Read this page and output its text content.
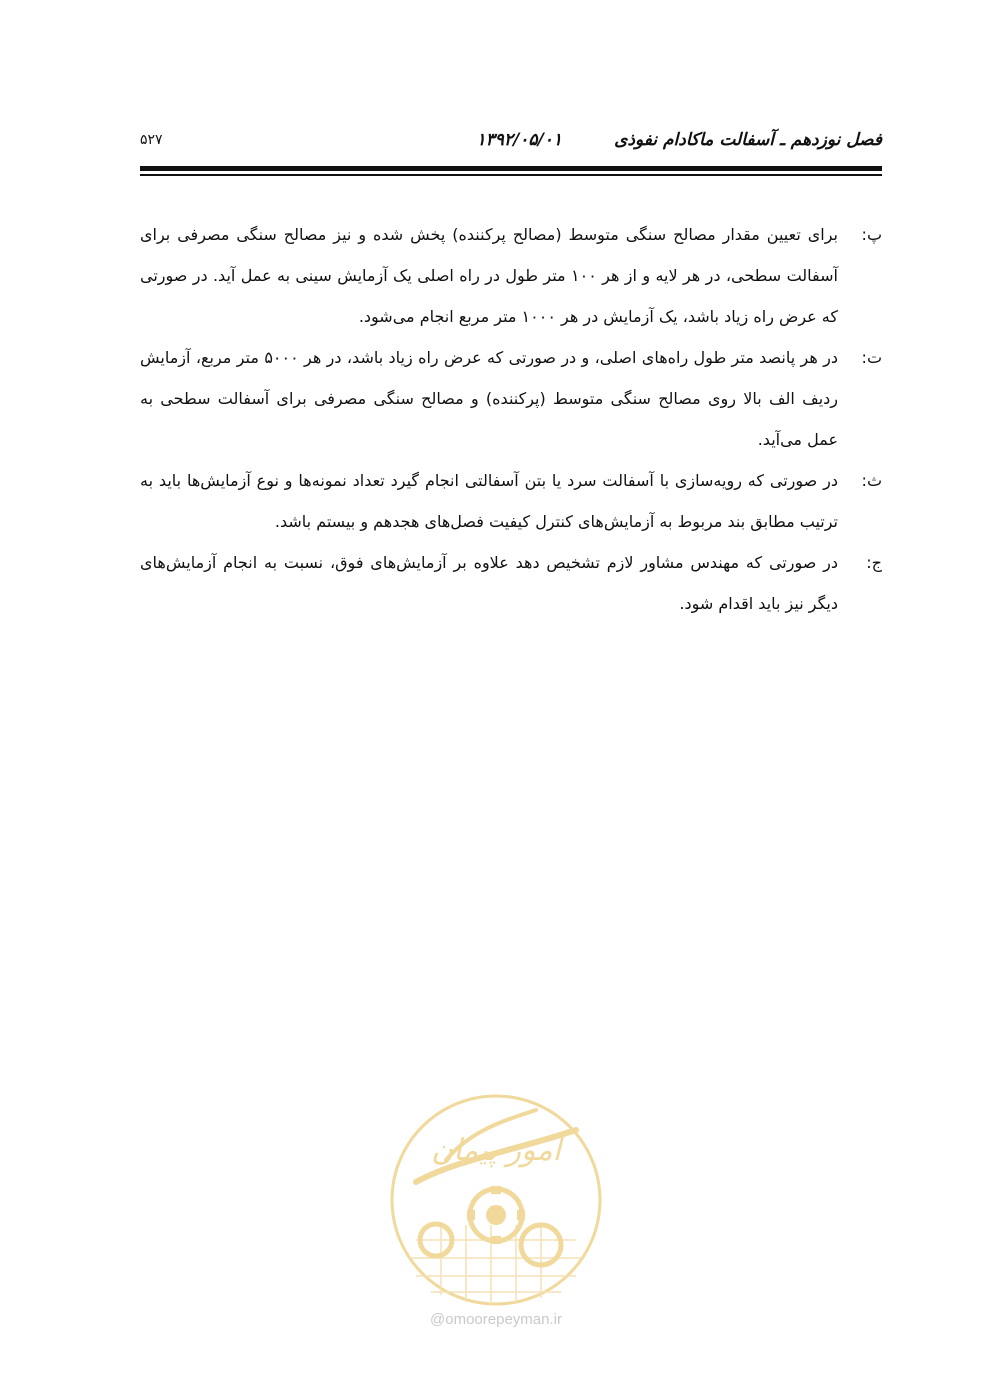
فصل نوزدهم ـ آسفالت ماکادام نفوذی
۱۳۹۲/۰۵/۰۱
۵۲۷
پ:
برای تعیین مقدار مصالح سنگی متوسط (مصالح پرکننده) پخش شده و نیز مصالح سنگی مصرفی برای آسفالت سطحی، در هر لایه و از هر ۱۰۰ متر طول در راه اصلی یک آزمایش سینی به عمل آید. در صورتی که عرض راه زیاد باشد، یک آزمایش در هر ۱۰۰۰ متر مربع انجام می‌شود.
ت:
در هر پانصد متر طول راه‌های اصلی، و در صورتی که عرض راه زیاد باشد، در هر ۵۰۰۰ متر مربع، آزمایش ردیف الف بالا روی مصالح سنگی متوسط (پرکننده) و مصالح سنگی مصرفی برای آسفالت سطحی به عمل می‌آید.
ث:
در صورتی که رویه‌سازی با آسفالت سرد یا بتن آسفالتی انجام گیرد تعداد نمونه‌ها و نوع آزمایش‌ها باید به ترتیب مطابق بند مربوط به آزمایش‌های کنترل کیفیت فصل‌های هجدهم و بیستم باشد.
ج:
در صورتی که مهندس مشاور لازم تشخیص دهد علاوه بر آزمایش‌های فوق، نسبت به انجام آزمایش‌های دیگر نیز باید اقدام شود.
امور پیمان
@omoorepeyman.ir
